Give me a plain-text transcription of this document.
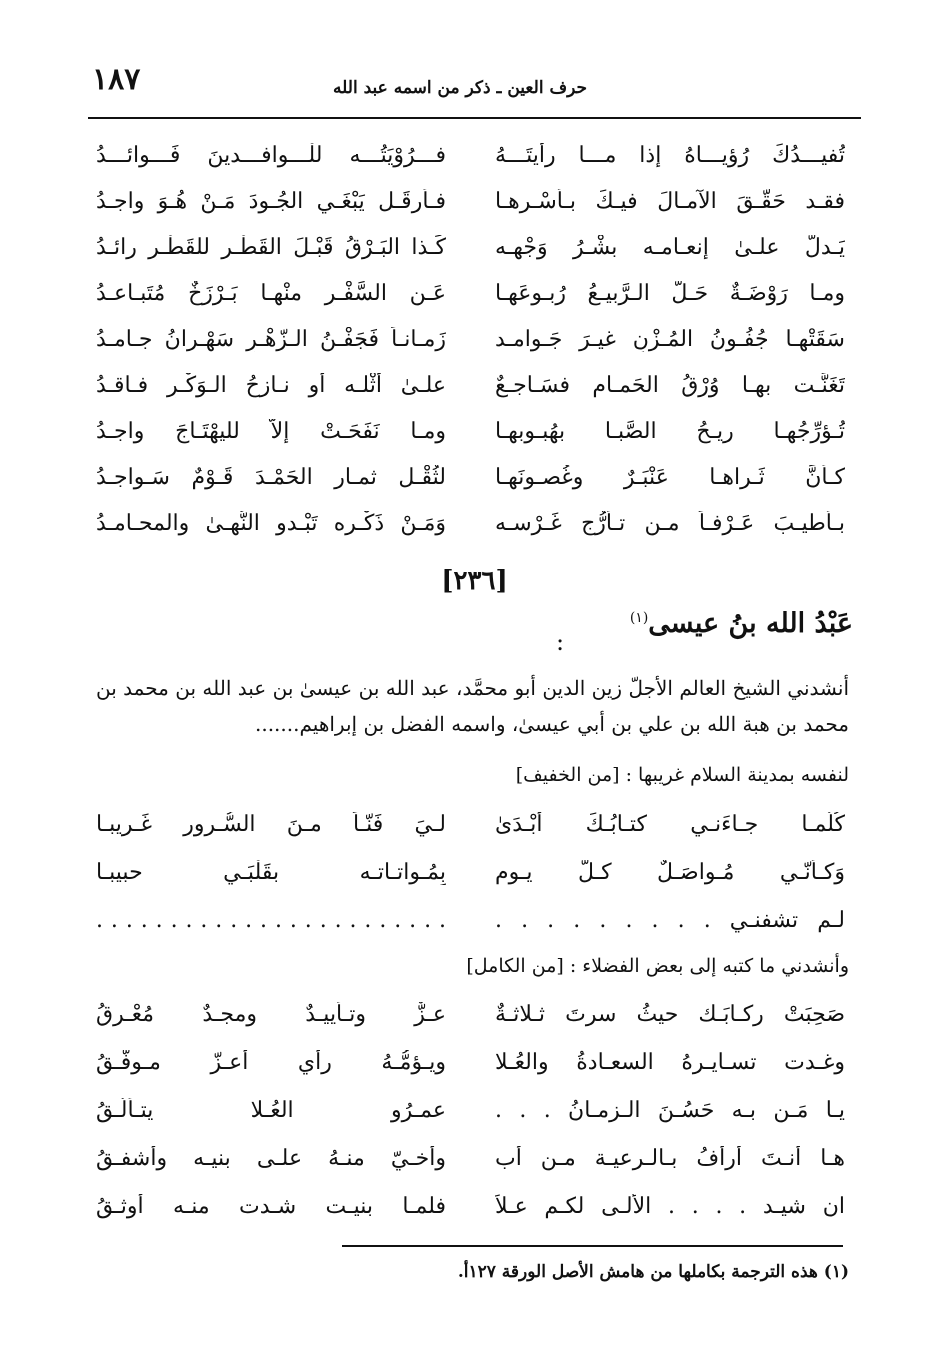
١٨٧	حرف العين ـ ذكر من اسمه عبد الله
تُفيـــدُكَ رُؤيـــاهُ إذا مـــا رأيتَـــهُ
فـــرُوْيَتُـــه للْـــوافـــدينَ فَـــوائـــدُ
فقـد حَقّـقَ الآمـالَ فيـكَ بـأسْـرهـا
فـأرقَـل يَبْغَـي الجُـودَ مَـنْ هُـوَ واجـدُ
يَـدلُّ علـىٰ إنعـامـه بشْـرُ وَجْهـه
كَـذا البَـرْقُ قَبْـلَ القَطْـرِ للقَطْـرِ رائـدُ
ومـا رَوْضَـةٌ حَـلَّ الـرَّبيـعُ رُبـوعَهـا
عَـنِ السَّفْـرِ منْهـا بَـرْزَخٌ مُتَبـاعـدُ
سَقَتْهـا جُفُـونُ المُـزْنِ غيـرَ جَـوامـد
زَمـانـاً فَجَفْـنُ الـزّهْـرِ سَهْـرانُ جـامـدُ
تَغَنَّـت بهـا وُرْقُ الحَمـامِ فسَـاجـعٌ
علـىٰ أثْلـه أو نـازحُ الـوَكْـرِ فـاقـدُ
تُـؤرِّجُهـا ريـحُ الصَّبـا بهُبـوبهـا
ومـا نَفَحَـتْ إلاّ لليهْتَـاجَ واجـدُ
كـأنَّ ثَـراهـا عَنْبَـرٌ وغُصـونَهـا
لثُقْـل ثمـار الحَمْـدَ قَـوْمٌ سَـواجـدُ
بـأطيـبَ عَـرْفـاً مـن تـأرُّجِ غَـرْسـه
وَمَـنْ ذَكْـره تَبْـدو النُّهـىٰ والمحـامـدُ
[٢٣٦]
عَبْدُ الله بنُ عيسى$^{(١)}$
:
أنشدني الشيخ العالم الأجلّ زين الدين أبو محمَّد، عبد الله بن عيسىٰ بن عبد الله بن محمد بن محمد بن هبة الله بن علي بن أبي عيسىٰ، واسمه الفضل بن إبراهيم.......
لنفسه بمدينة السلام غريبها : [من الخفيف]
كُلّمـا جـاءَنـي كتـابُـكَ أبْـدَىٰ
لـيَ فَنّـاً مـنَ السُّـرورِ غَـريبـا
وَكـأنّـي مُـواصَـلٌ كـلَّ يـوم
بِمُـواتـاتـه بقَلْبَـي حبيبـا
لـم تشفنـي . . . . . . . . .
. . . . . . . . . . . . . . . . . . . . . . . .
وأنشدني ما كتبه إلى بعض الفضلاء : [من الكامل]
صَحِبَتْ ركـابَـك حيثُ سرتَ ثـلاثـةٌ
عـزٌّ وتـأييـدٌ ومجـدٌ مُعْـرقُ
وغـدت تسـايـرهُ السعـادةُ والعُـلا
ويـؤمُّـهُ رأيٍ أعـزّ مـوفَّـقُ
يـا مَـن بـه حَسُـنَ الـزمـانُ . . .
عمـرُو العُـلا يتـألَّـقُ
هـا أنـتَ أرأَفُ بـالـرعيـة مـن أب
وأخـيّ منـهُ علـى بنيـه وأشفـقُ
ان شيـد . . . . الألـى لكـم عـلاً
فلمـا بنيـت شـدت منـه أوثـقُ
(١) هذه الترجمة بكاملها من هامش الأصل الورقة ١٢٧أ.
